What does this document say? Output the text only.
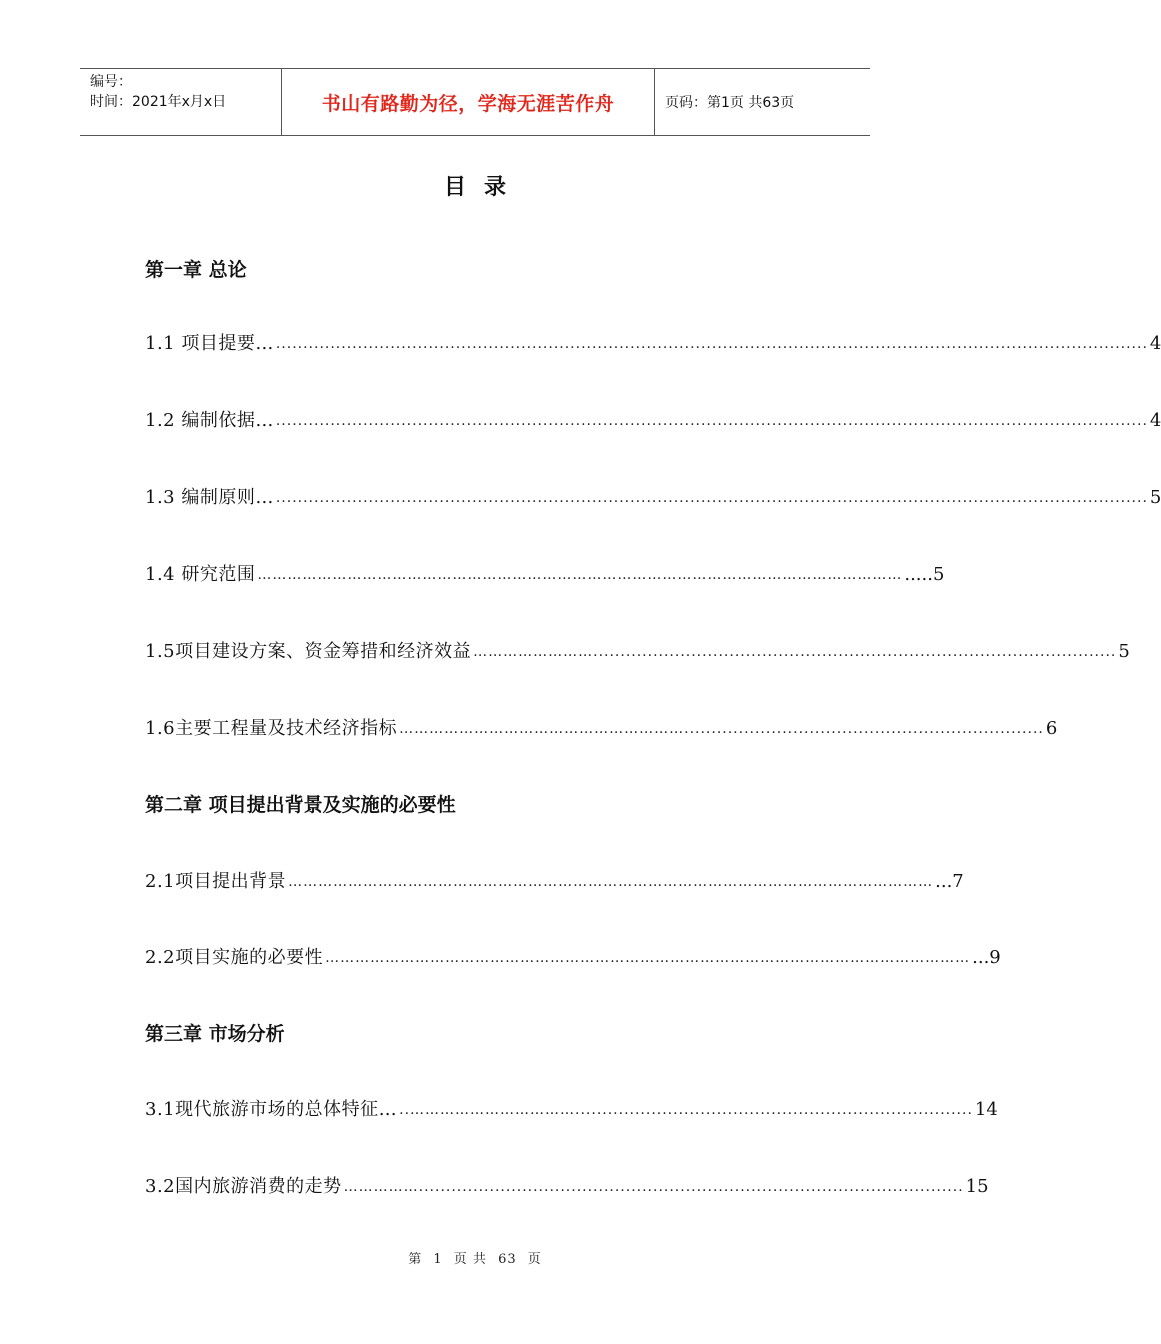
编号：
时间：2021年x月x日	书山有路勤为径，学海无涯苦作舟	页码：第1页 共63页
目录
第一章 总论
1.1 项目提要… ................................................................................................................................................................ 4
1.2 编制依据… ................................................................................................................................................................ 4
1.3 编制原则… ................................................................................................................................................................ 5
1.4 研究范围 ………………………………………………………………………………………………………………… .....5
1.5项目建设方案、资金筹措和经济效益 ……………………................................................................................................ 5
1.6主要工程量及技术经济指标 ………………………………………………….................................................................. 6
第二章 项目提出背景及实施的必要性
2.1项目提出背景 ………………………………………………………………………………………………………………… ...7
2.2项目实施的必要性 ………………………………………………………………………………………………………………… ...9
第三章 市场分析
3.1现代旅游市场的总体特征… ..……………………………......................................................................... 14
3.2国内旅游消费的走势 …………….................................................................................................... 15
第 1 页 共 63 页
